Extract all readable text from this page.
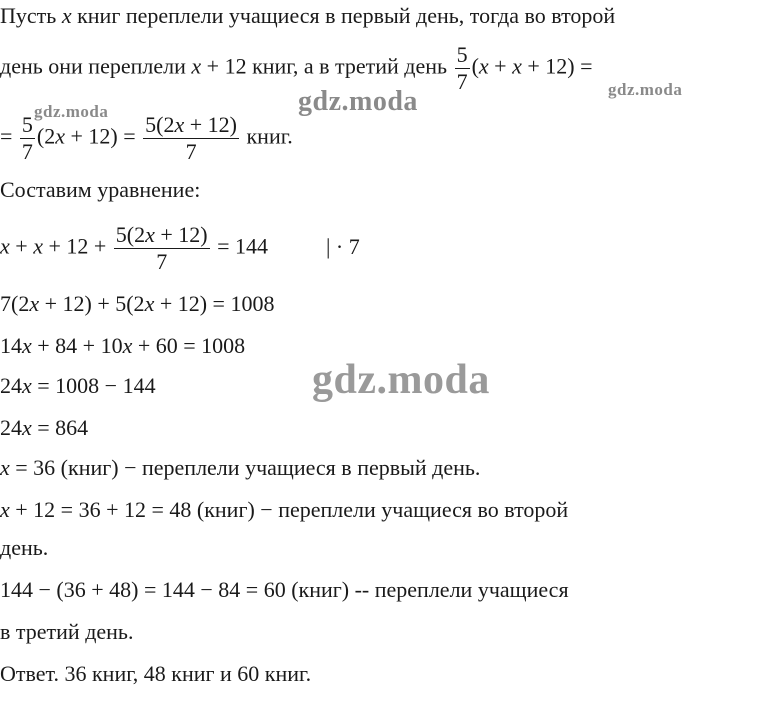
Пусть x книг переплели учащиеся в первый день, тогда во второй
день они переплели x + 12 книг, а в третий день $\frac{5}{7} (x + x + 12)$ =
= $\frac{5}{7} (2x + 12) = \frac{5(2x + 12)}{7}$ книг.
Составим уравнение:
$x + x + 12 + \frac{5(2x + 12)}{7} = 144$	| · 7
7(2x + 12) + 5(2x + 12) = 1008
14x + 84 + 10x + 60 = 1008
24x = 1008 − 144
24x = 864
x = 36 (книг) − переплели учащиеся в первый день.
x + 12 = 36 + 12 = 48 (книг) − переплели учащиеся во второй
день.
144 − (36 + 48) = 144 − 84 = 60 (книг) -- переплели учащиеся
в третий день.
Ответ. 36 книг, 48 книг и 60 книг.
gdz.moda
gdz.moda
gdz.moda
gdz.moda
